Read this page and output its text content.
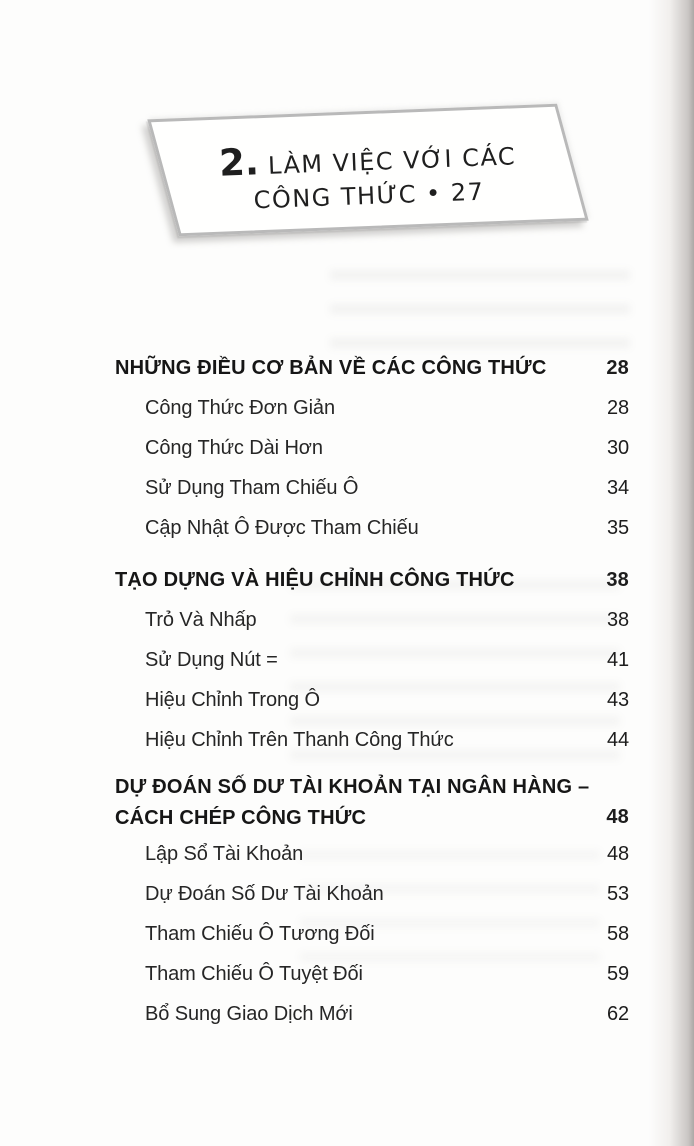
2. LÀM VIỆC VỚI CÁC
CÔNG THỨC • 27
NHỮNG ĐIỀU CƠ BẢN VỀ CÁC CÔNG THỨC	28
Công Thức Đơn Giản	28
Công Thức Dài Hơn	30
Sử Dụng Tham Chiếu Ô	34
Cập Nhật Ô Được Tham Chiếu	35
TẠO DỰNG VÀ HIỆU CHỈNH CÔNG THỨC	38
Trỏ Và Nhấp	38
Sử Dụng Nút =	41
Hiệu Chỉnh Trong Ô	43
Hiệu Chỉnh Trên Thanh Công Thức	44
DỰ ĐOÁN SỐ DƯ TÀI KHOẢN TẠI NGÂN HÀNG –
CÁCH CHÉP CÔNG THỨC	48
Lập Sổ Tài Khoản	48
Dự Đoán Số Dư Tài Khoản	53
Tham Chiếu Ô Tương Đối	58
Tham Chiếu Ô Tuyệt Đối	59
Bổ Sung Giao Dịch Mới	62
